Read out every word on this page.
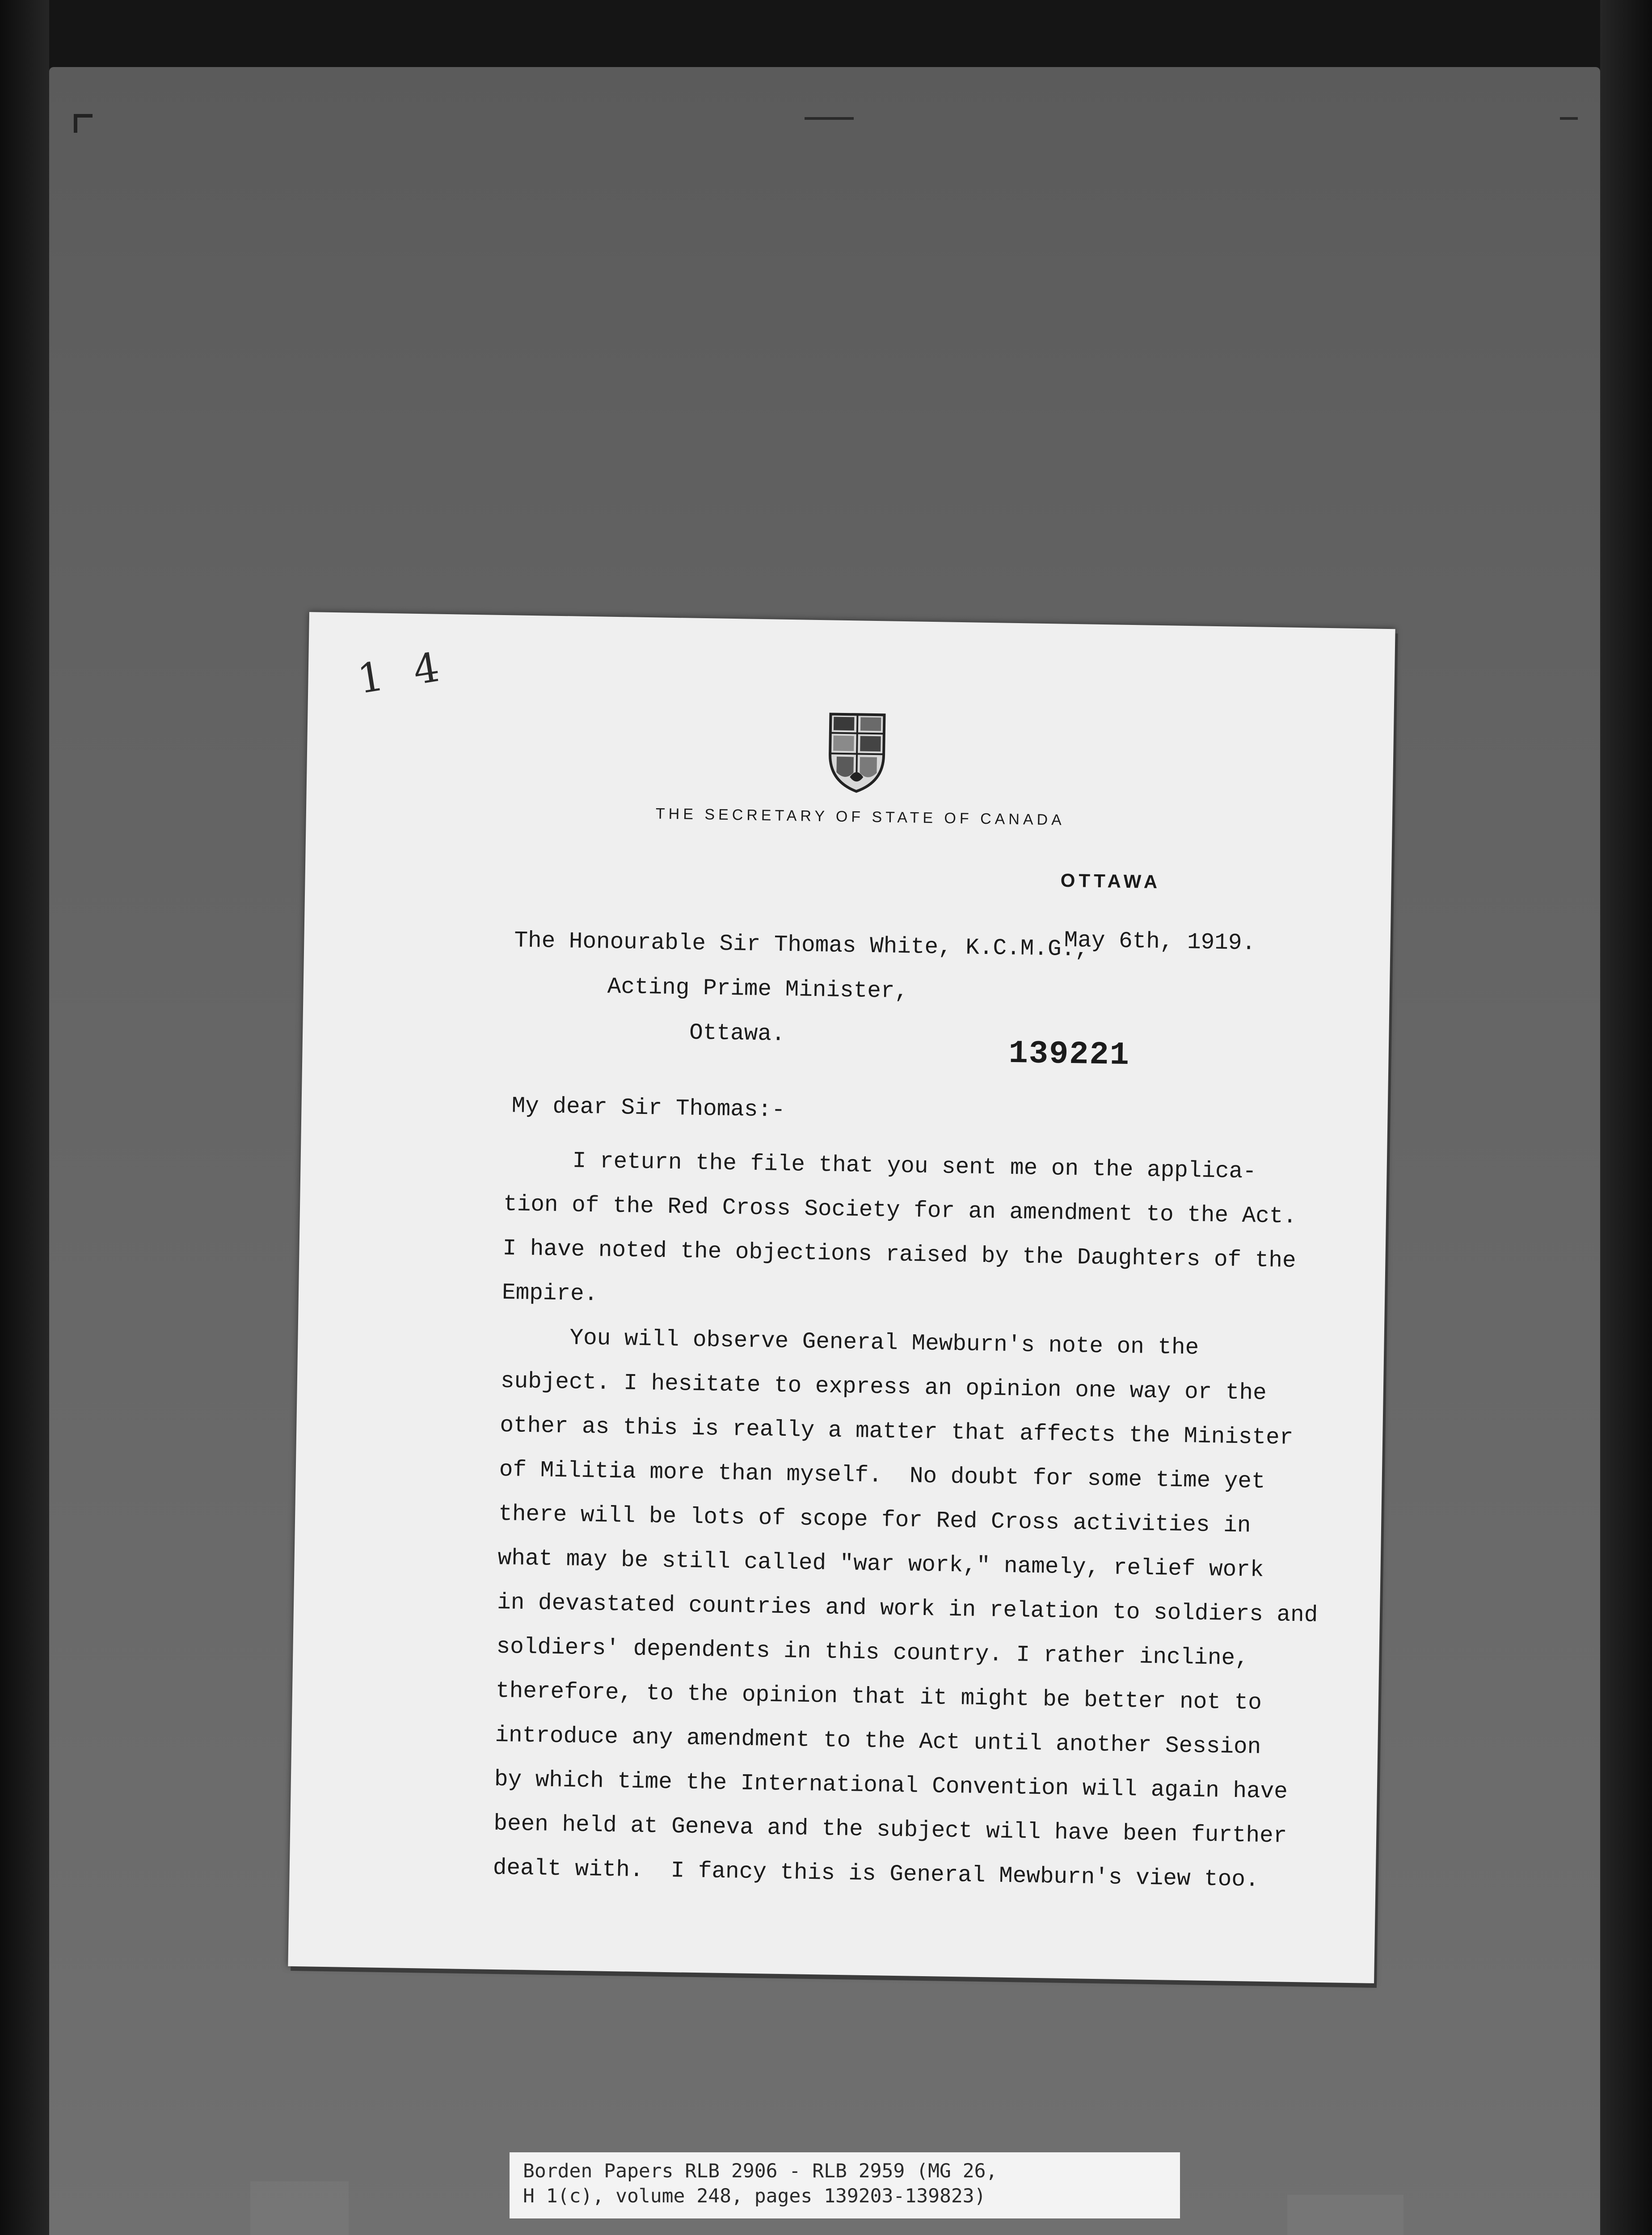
1 4
THE SECRETARY OF STATE OF CANADA
OTTAWA
May 6th, 1919.
The Honourable Sir Thomas White, K.C.M.G.,
Acting Prime Minister,
Ottawa.
139221
My dear Sir Thomas:-
I return the file that you sent me on the applica-
tion of the Red Cross Society for an amendment to the Act.
I have noted the objections raised by the Daughters of the
Empire.
You will observe General Mewburn's note on the
subject. I hesitate to express an opinion one way or the
other as this is really a matter that affects the Minister
of Militia more than myself.  No doubt for some time yet
there will be lots of scope for Red Cross activities in
what may be still called "war work," namely, relief work
in devastated countries and work in relation to soldiers and
soldiers' dependents in this country. I rather incline,
therefore, to the opinion that it might be better not to
introduce any amendment to the Act until another Session
by which time the International Convention will again have
been held at Geneva and the subject will have been further
dealt with.  I fancy this is General Mewburn's view too.
Borden Papers RLB 2906 - RLB 2959 (MG 26,
H 1(c), volume 248, pages 139203-139823)
